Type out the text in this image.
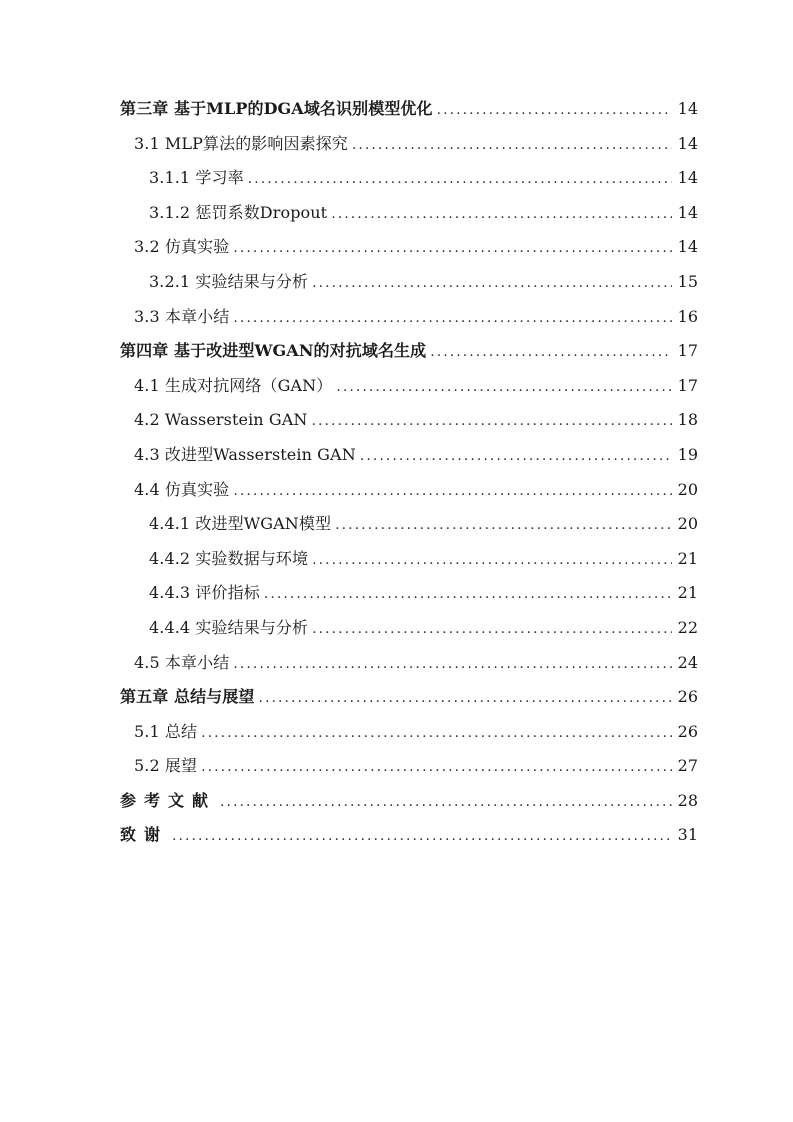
第三章 基于MLP的DGA域名识别模型优化 . . .	14
3.1 MLP算法的影响因素探究 . . .	14
3.1.1 学习率 . . .	14
3.1.2 惩罚系数Dropout . . .	14
3.2 仿真实验 . . .	14
3.2.1 实验结果与分析 . . .	15
3.3 本章小结 . . .	16
第四章 基于改进型WGAN的对抗域名生成 . . .	17
4.1 生成对抗网络（GAN） . . .	17
4.2 Wasserstein GAN . . .	18
4.3 改进型Wasserstein GAN . . .	19
4.4 仿真实验 . . .	20
4.4.1 改进型WGAN模型 . . .	20
4.4.2 实验数据与环境 . . .	21
4.4.3 评价指标 . . .	21
4.4.4 实验结果与分析 . . .	22
4.5 本章小结 . . .	24
第五章 总结与展望 . . .	26
5.1 总结 . . .	26
5.2 展望 . . .	27
参考文献 . . .	28
致谢 . . .	31
